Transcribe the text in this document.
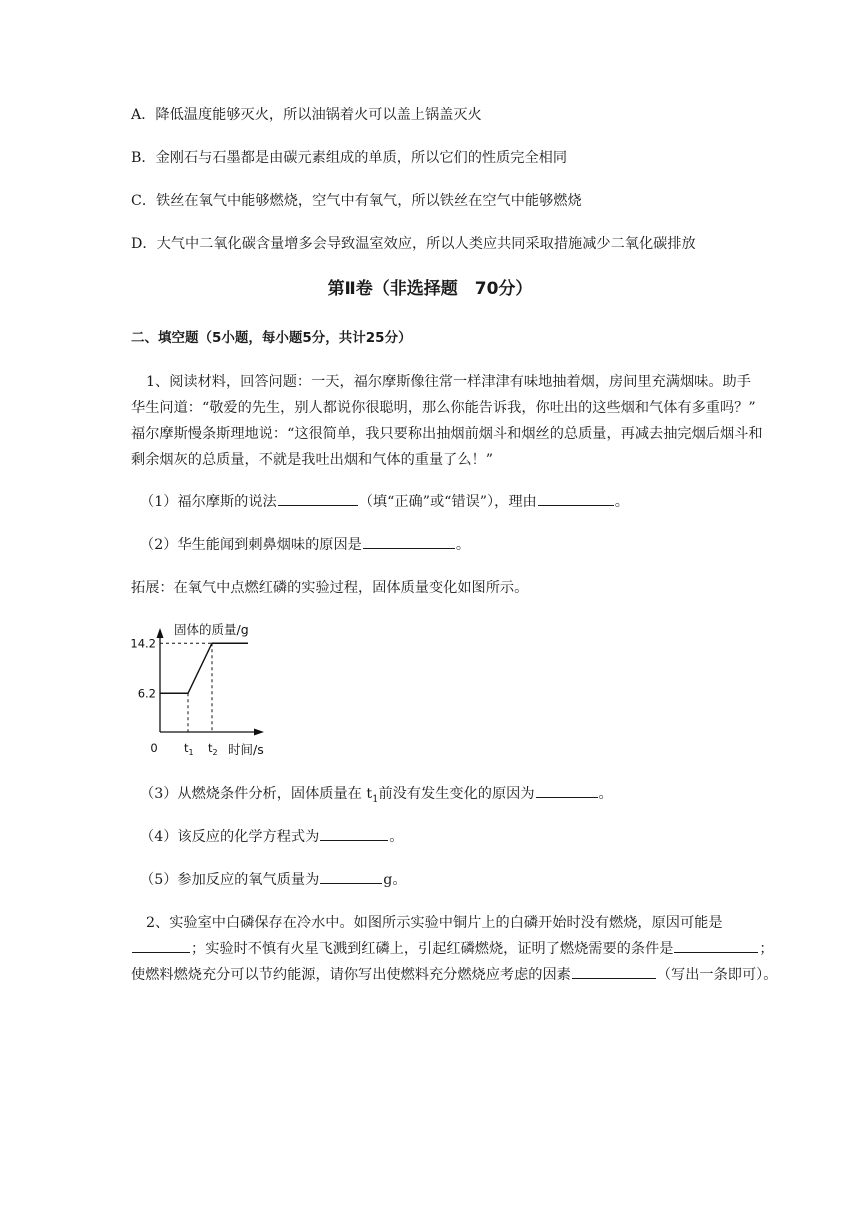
A．降低温度能够灭火，所以油锅着火可以盖上锅盖灭火
B．金刚石与石墨都是由碳元素组成的单质，所以它们的性质完全相同
C．铁丝在氧气中能够燃烧，空气中有氧气，所以铁丝在空气中能够燃烧
D．大气中二氧化碳含量增多会导致温室效应，所以人类应共同采取措施减少二氧化碳排放
第Ⅱ卷（非选择题　70分）
二、填空题（5小题，每小题5分，共计25分）
1、阅读材料，回答问题：一天，福尔摩斯像往常一样津津有味地抽着烟，房间里充满烟味。助手
华生问道：“敬爱的先生，别人都说你很聪明，那么你能告诉我，你吐出的这些烟和气体有多重吗？”
福尔摩斯慢条斯理地说：“这很简单，我只要称出抽烟前烟斗和烟丝的总质量，再减去抽完烟后烟斗和
剩余烟灰的总质量，不就是我吐出烟和气体的重量了么！”
（1）福尔摩斯的说法	（填“正确”或“错误”），理由	。
（2）华生能闻到刺鼻烟味的原因是	。
拓展：在氧气中点燃红磷的实验过程，固体质量变化如图所示。
固体的质量/g
14.2
6.2
0 $t_1$ $t_2$ 时间/s
（3）从燃烧条件分析，固体质量在 $t_1$前没有发生变化的原因为	。
（4）该反应的化学方程式为	。
（5）参加反应的氧气质量为	g。
2、实验室中白磷保存在冷水中。如图所示实验中铜片上的白磷开始时没有燃烧，原因可能是
；实验时不慎有火星飞溅到红磷上，引起红磷燃烧，证明了燃烧需要的条件是	；
使燃料燃烧充分可以节约能源，请你写出使燃料充分燃烧应考虑的因素	（写出一条即可）。
